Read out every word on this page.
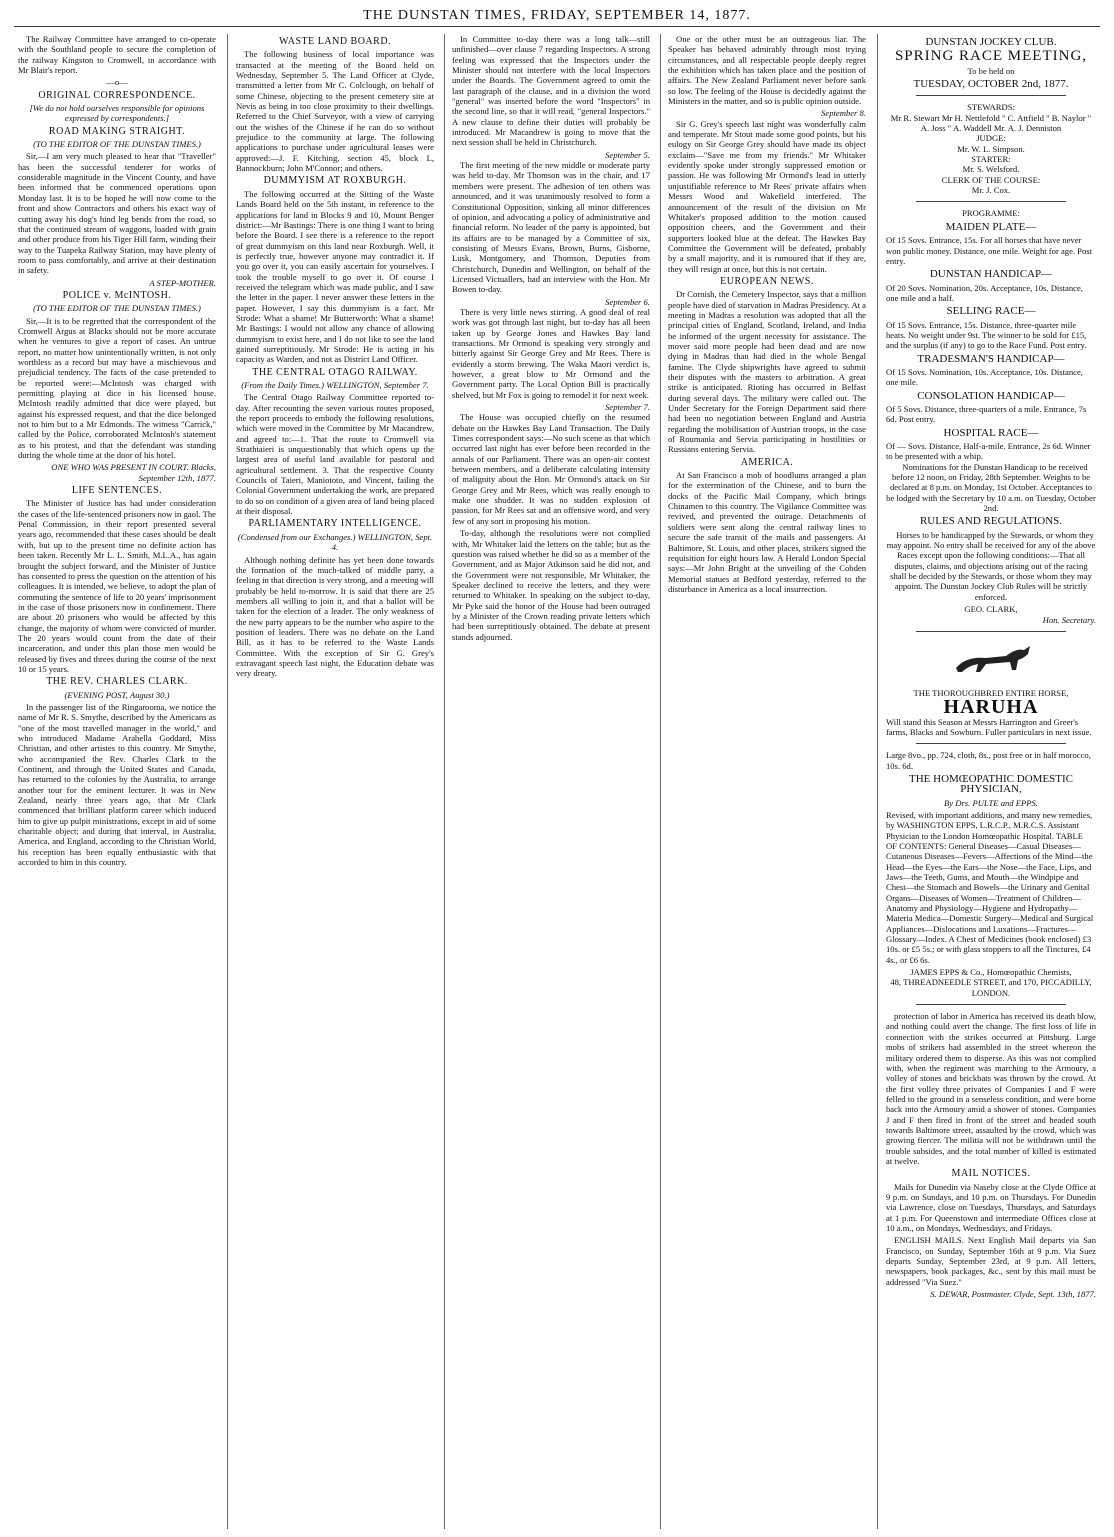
THE DUNSTAN TIMES, FRIDAY, SEPTEMBER 14, 1877.

The Railway Committee have arranged to co-operate with the Southland people to secure the completion of the railway Kingston to Cromwell, in accordance with Mr Blair's report.

—o—
ORIGINAL CORRESPONDENCE.
[We do not hold ourselves responsible for opinions expressed by correspondents.]
ROAD MAKING STRAIGHT.
(TO THE EDITOR OF THE DUNSTAN TIMES.)

Sir,—I am very much pleased to hear that "Traveller" has been the successful tenderer for works of considerable magnitude in the Vincent County, and have been informed that he commenced operations upon Monday last. It is to be hoped he will now come to the front and show Contractors and others his exact way of cutting away his dog's hind leg bends from the road, so that the continued stream of waggons, loaded with grain and other produce from his Tiger Hill farm, winding their way to the Tuapeka Railway Station, may have plenty of room to pass comfortably, and arrive at their destination in safety.

A STEP-MOTHER.
POLICE v. McINTOSH.
(TO THE EDITOR OF THE DUNSTAN TIMES.)

Sir,—It is to be regretted that the correspondent of the Cromwell Argus at Blacks should not be more accurate when he ventures to give a report of cases. An untrue report, no matter how unintentionally written, is not only worthless as a record but may have a mischievous and prejudicial tendency. The facts of the case pretended to be reported were:—McIntosh was charged with permitting playing at dice in his licensed house. McIntosh readily admitted that dice were played, but against his expressed request, and that the dice belonged not to him but to a Mr Edmonds. The witness "Carrick," called by the Police, corroborated McIntosh's statement as to his protest, and that the defendant was standing during the whole time at the door of his hotel.

ONE WHO WAS PRESENT IN COURT. Blacks, September 12th, 1877.
LIFE SENTENCES.

The Minister of Justice has had under consideration the cases of the life-sentenced prisoners now in gaol. The Penal Commission, in their report presented several years ago, recommended that these cases should be dealt with, but up to the present time no definite action has been taken. Recently Mr L. L. Smith, M.L.A., has again brought the subject forward, and the Minister of Justice has consented to press the question on the attention of his colleagues. It is intended, we believe, to adopt the plan of commuting the sentence of life to 20 years' imprisonment in the case of those prisoners now in confinement. There are about 20 prisoners who would be affected by this change, the majority of whom were convicted of murder. The 20 years would count from the date of their incarceration, and under this plan those men would be released by fives and threes during the course of the next 10 or 15 years.

THE REV. CHARLES CLARK.
(EVENING POST, August 30.)

In the passenger list of the Ringarooma, we notice the name of Mr R. S. Smythe, described by the Americans as "one of the most travelled manager in the world," and who introduced Madame Arabella Goddard, Miss Christian, and other artistes to this country. Mr Smythe, who accompanied the Rev. Charles Clark to the Continent, and through the United States and Canada, has returned to the colonies by the Australia, to arrange another tour for the eminent lecturer. It was in New Zealand, nearly three years ago, that Mr Clark commenced that brilliant platform career which induced him to give up pulpit ministrations, except in aid of some charitable object; and during that interval, in Australia, America, and England, according to the Christian World, his reception has been equally enthusiastic with that accorded to him in this country.

WASTE LAND BOARD.

The following business of local importance was transacted at the meeting of the Board held on Wednesday, September 5. The Land Officer at Clyde, transmitted a letter from Mr C. Colclough, on behalf of some Chinese, objecting to the present cemetery site at Nevis as being in too close proximity to their dwellings. Referred to the Chief Surveyor, with a view of carrying out the wishes of the Chinese if he can do so without prejudice to the community at large. The following applications to purchase under agricultural leases were approved:—J. F. Kitching, section 45, block L, Bannockburn; John M'Connor; and others.

DUMMYISM AT ROXBURGH.

The following occurred at the Sitting of the Waste Lands Board held on the 5th instant, in reference to the applications for land in Blocks 9 and 10, Mount Benger district:—Mr Bastings: There is one thing I want to bring before the Board. I see there is a reference to the report of great dummyism on this land near Roxburgh. Well, it is perfectly true, however anyone may contradict it. If you go over it, you can easily ascertain for yourselves. I took the trouble myself to go over it. Of course I received the telegram which was made public, and I saw the letter in the paper. I never answer these letters in the paper. However, I say this dummyism is a fact. Mr Strode: What a shame! Mr Butterworth: What a shame! Mr Bastings: I would not allow any chance of allowing dummyism to exist here, and I do not like to see the land gained surreptitiously. Mr Strode: He is acting in his capacity as Warden, and not as District Land Officer.

THE CENTRAL OTAGO RAILWAY.
(From the Daily Times.) WELLINGTON, September 7.

The Central Otago Railway Committee reported to-day. After recounting the seven various routes proposed, the report proceeds to embody the following resolutions, which were moved in the Committee by Mr Macandrew, and agreed to:—1. That the route to Cromwell via Strathtaieri is unquestionably that which opens up the largest area of useful land available for pastoral and agricultural settlement. 3. That the respective County Councils of Taieri, Maniototo, and Vincent, failing the Colonial Government undertaking the work, are prepared to do so on condition of a given area of land being placed at their disposal.

PARLIAMENTARY INTELLIGENCE.
(Condensed from our Exchanges.) WELLINGTON, Sept. 4.

Although nothing definite has yet been done towards the formation of the much-talked of middle party, a feeling in that direction is very strong, and a meeting will probably be held to-morrow. It is said that there are 25 members all willing to join it, and that a ballot will be taken for the election of a leader. The only weakness of the new party appears to be the number who aspire to the position of leaders. There was no debate on the Land Bill, as it has to be referred to the Waste Lands Committee. With the exception of Sir G. Grey's extravagant speech last night, the Education debate was very dreary.

In Committee to-day there was a long talk—still unfinished—over clause 7 regarding Inspectors. A strong feeling was expressed that the Inspectors under the Minister should not interfere with the local Inspectors under the Boards. The Government agreed to omit the last paragraph of the clause, and in a division the word "general" was inserted before the word "Inspectors" in the second line, so that it will read, "general Inspectors." A new clause to define their duties will probably be introduced. Mr Macandrew is going to move that the next session shall be held in Christchurch.

September 5.

The first meeting of the new middle or moderate party was held to-day. Mr Thomson was in the chair, and 17 members were present. The adhesion of ten others was announced, and it was unanimously resolved to form a Constitutional Opposition, sinking all minor differences of opinion, and advocating a policy of administrative and financial reform. No leader of the party is appointed, but its affairs are to be managed by a Committee of six, consisting of Messrs Evans, Brown, Burns, Gisborne, Lusk, Montgomery, and Thomson. Deputies from Christchurch, Dunedin and Wellington, on behalf of the Licensed Victuallers, had an interview with the Hon. Mr Bowen to-day.

September 6.

There is very little news stirring. A good deal of real work was got through last night, but to-day has all been taken up by George Jones and Hawkes Bay land transactions. Mr Ormond is speaking very strongly and bitterly against Sir George Grey and Mr Rees. There is evidently a storm brewing. The Waka Maori verdict is, however, a great blow to Mr Ormond and the Government party. The Local Option Bill is practically shelved, but Mr Fox is going to remodel it for next week.

September 7.

The House was occupied chiefly on the resumed debate on the Hawkes Bay Land Transaction. The Daily Times correspondent says:—No such scene as that which occurred last night has ever before been recorded in the annals of our Parliament. There was an open-air contest between members, and a deliberate calculating intensity of malignity about the Hon. Mr Ormond's attack on Sir George Grey and Mr Rees, which was really enough to make one shudder. It was no sudden explosion of passion, for Mr Rees sat and an offensive word, and very few of any sort in proposing his motion.

To-day, although the resolutions were not complied with, Mr Whitaker laid the letters on the table; but as the question was raised whether he did so as a member of the Government, and as Major Atkinson said he did not, and the Government were not responsible, Mr Whitaker, the Speaker declined to receive the letters, and they were returned to Whitaker. In speaking on the subject to-day, Mr Pyke said the honor of the House had been outraged by a Minister of the Crown reading private letters which had been surreptitiously obtained. The debate at present stands adjourned.

One or the other must be an outrageous liar. The Speaker has behaved admirably through most trying circumstances, and all respectable people deeply regret the exhibition which has taken place and the position of affairs. The New Zealand Parliament never before sank so low. The feeling of the House is decidedly against the Ministers in the matter, and so is public opinion outside.

September 8.

Sir G. Grey's speech last night was wonderfully calm and temperate. Mr Stout made some good points, but his eulogy on Sir George Grey should have made its object exclaim—"Save me from my friends." Mr Whitaker evidently spoke under strongly suppressed emotion or passion. He was following Mr Ormond's lead in utterly unjustifiable reference to Mr Rees' private affairs when Messrs Wood and Wakefield interfered. The announcement of the result of the division on Mr Whitaker's proposed addition to the motion caused opposition cheers, and the Government and their supporters looked blue at the defeat. The Hawkes Bay Committee the Government will be defeated, probably by a small majority, and it is rumoured that if they are, they will resign at once, but this is not certain.

EUROPEAN NEWS.

Dr Cornish, the Cemetery Inspector, says that a million people have died of starvation in Madras Presidency. At a meeting in Madras a resolution was adopted that all the principal cities of England, Scotland, Ireland, and India be informed of the urgent necessity for assistance. The mover said more people had been dead and are now dying in Madras than had died in the whole Bengal famine. The Clyde shipwrights have agreed to submit their disputes with the masters to arbitration. A great strike is anticipated. Rioting has occurred in Belfast during several days. The military were called out. The Under Secretary for the Foreign Department said there had been no negotiation between England and Austria regarding the mobilisation of Austrian troops, in the case of Roumania and Servia participating in hostilities or Russians entering Servia.

AMERICA.

At San Francisco a mob of hoodlums arranged a plan for the extermination of the Chinese, and to burn the docks of the Pacific Mail Company, which brings Chinamen to this country. The Vigilance Committee was revived, and prevented the outrage. Detachments of soldiers were sent along the central railway lines to secure the safe transit of the mails and passengers. At Baltimore, St. Louis, and other places, strikers signed the requisition for eight hours law. A Herald London Special says:—Mr John Bright at the unveiling of the Cobden Memorial statues at Bedford yesterday, referred to the disturbance in America as a local insurrection.

DUNSTAN JOCKEY CLUB.
SPRING RACE MEETING,
To be held on
TUESDAY, OCTOBER 2nd, 1877.
STEWARDS:
Mr R. Stewart Mr H. Nettlefold " C. Attfield " B. Naylor " A. Joss " A. Waddell Mr. A. J. Denniston
JUDGE:
Mr. W. L. Simpson.
STARTER:
Mr. S. Welsford.
CLERK OF THE COURSE:
Mr. J. Cox.
PROGRAMME:
MAIDEN PLATE—
Of 15 Sovs. Entrance, 15s. For all horses that have never won public money. Distance, one mile. Weight for age. Post entry.
DUNSTAN HANDICAP—
Of 20 Sovs. Nomination, 20s. Acceptance, 10s. Distance, one mile and a half.
SELLING RACE—
Of 15 Sovs. Entrance, 15s. Distance, three-quarter mile heats. No weight under 9st. The winner to be sold for £15, and the surplus (if any) to go to the Race Fund. Post entry.
TRADESMAN'S HANDICAP—
Of 15 Sovs. Nomination, 10s. Acceptance, 10s. Distance, one mile.
CONSOLATION HANDICAP—
Of 5 Sovs. Distance, three-quarters of a mile. Entrance, 7s 6d. Post entry.
HOSPITAL RACE—
Of — Sovs. Distance, Half-a-mile. Entrance, 2s 6d. Winner to be presented with a whip.

Nominations for the Dunstan Handicap to be received before 12 noon, on Friday, 28th September. Weights to be declared at 8 p.m. on Monday, 1st October. Acceptances to be lodged with the Secretary by 10 a.m. on Tuesday, October 2nd.

RULES AND REGULATIONS.

Horses to be handicapped by the Stewards, or whom they may appoint. No entry shall be received for any of the above Races except upon the following conditions:—That all disputes, claims, and objections arising out of the racing shall be decided by the Stewards, or those whom they may appoint. The Dunstan Jockey Club Rules will be strictly enforced.

GEO. CLARK,
Hon. Secretary.
THE THOROUGHBRED ENTIRE HORSE,
HARUHA

Will stand this Season at Messrs Harrington and Greer's farms, Blacks and Sowburn. Fuller particulars in next issue.

Large 8vo., pp. 724, cloth, 8s., post free or in half morocco, 10s. 6d.
THE HOMŒOPATHIC DOMESTIC PHYSICIAN,
By Drs. PULTE and EPPS.

Revised, with important additions, and many new remedies, by WASHINGTON EPPS, L.R.C.P., M.R.C.S. Assistant Physician to the London Homœopathic Hospital. TABLE OF CONTENTS: General Diseases—Casual Diseases—Cutaneous Diseases—Fevers—Affections of the Mind—the Head—the Eyes—the Ears—the Nose—the Face, Lips, and Jaws—the Teeth, Gums, and Mouth—the Windpipe and Chest—the Stomach and Bowels—the Urinary and Genital Organs—Diseases of Women—Treatment of Children—Anatomy and Physiology—Hygiene and Hydropathy—Materia Medica—Domestic Surgery—Medical and Surgical Appliances—Dislocations and Luxations—Fractures—Glossary—Index. A Chest of Medicines (book enclosed) £3 10s. or £5 5s.; or with glass stoppers to all the Tinctures, £4 4s., or £6 6s.

JAMES EPPS & Co., Homœopathic Chemists,
48, THREADNEEDLE STREET, and 170, PICCADILLY, LONDON.

protection of labor in America has received its death blow, and nothing could avert the change. The first loss of life in connection with the strikes occurred at Pittsburg. Large mobs of strikers had assembled in the street whereon the military ordered them to disperse. As this was not complied with, when the regiment was marching to the Armoury, a volley of stones and brickbats was thrown by the crowd. At the first volley three privates of Companies I and F were felled to the ground in a senseless condition, and were borne back into the Armoury amid a shower of stones. Companies J and F then fired in front of the street and headed south towards Baltimore street, assaulted by the crowd, which was growing fiercer. The militia will not be withdrawn until the trouble subsides, and the total number of killed is estimated at twelve.

MAIL NOTICES.

Mails for Dunedin via Naseby close at the Clyde Office at 9 p.m. on Sundays, and 10 p.m. on Thursdays. For Dunedin via Lawrence, close on Tuesdays, Thursdays, and Saturdays at 1 p.m. For Queenstown and intermediate Offices close at 10 a.m., on Mondays, Wednesdays, and Fridays.

ENGLISH MAILS. Next English Mail departs via San Francisco, on Sunday, September 16th at 9 p.m. Via Suez departs Sunday, September 23rd, at 9 p.m. All letters, newspapers, book packages, &c., sent by this mail must be addressed "Via Suez."

S. DEWAR, Postmaster. Clyde, Sept. 13th, 1877.
